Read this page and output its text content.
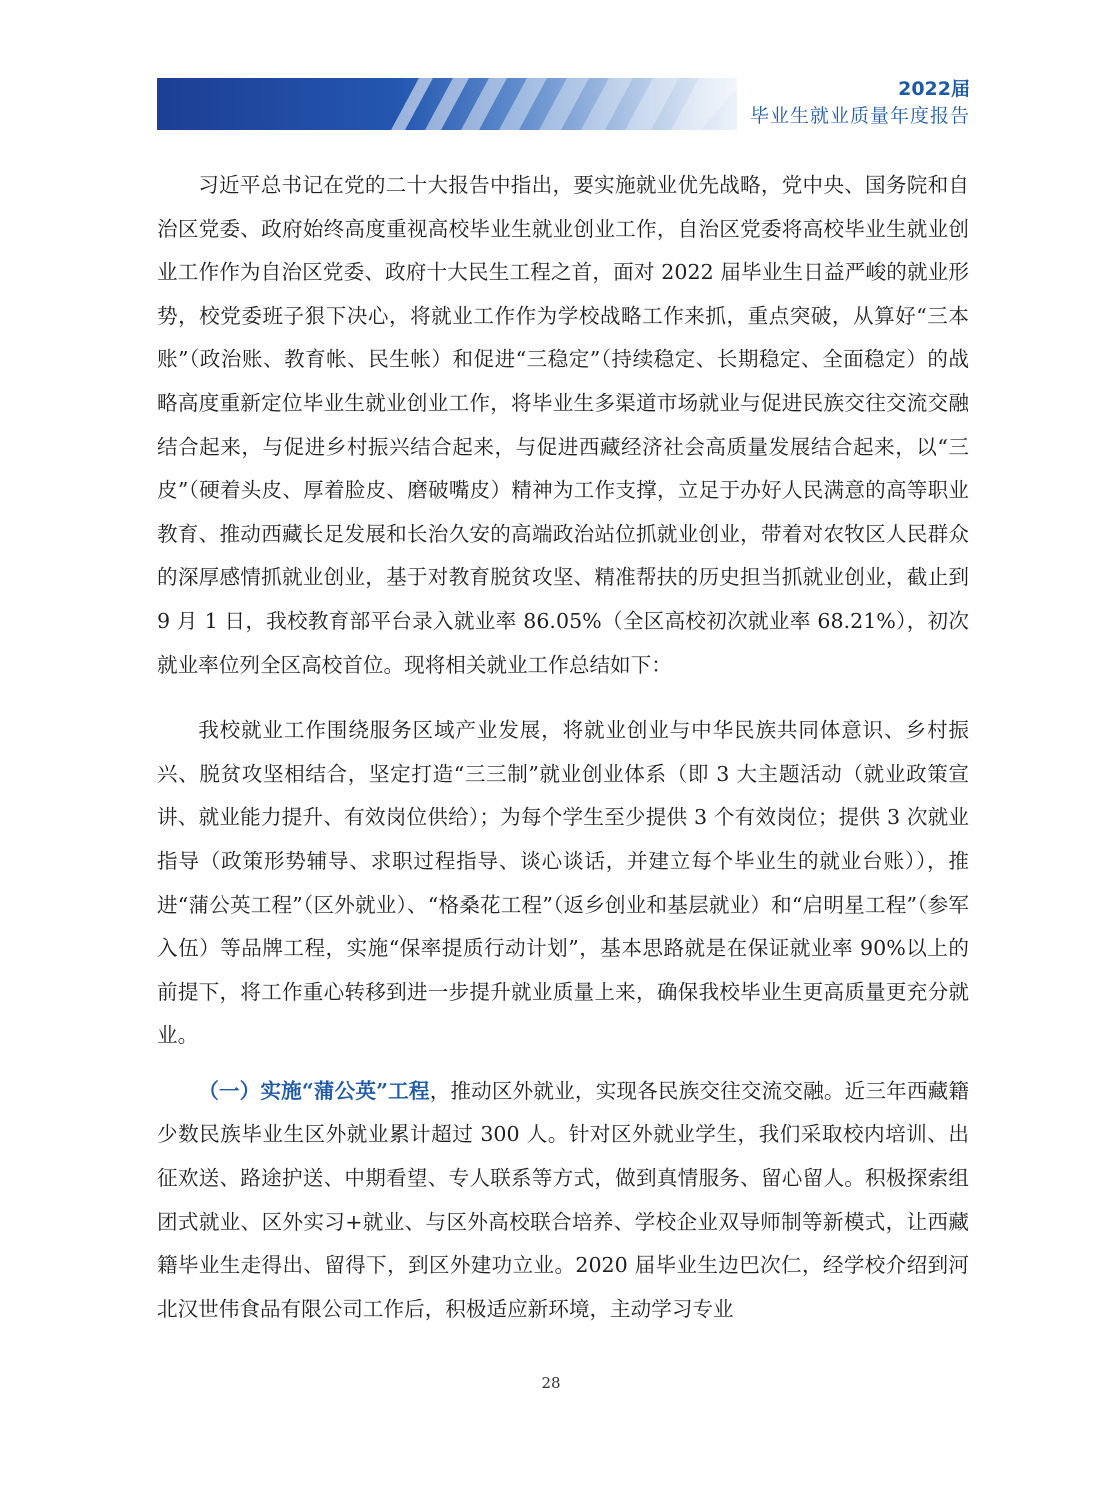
2022届
毕业生就业质量年度报告

习近平总书记在党的二十大报告中指出，要实施就业优先战略，党中央、国务院和自治区党委、政府始终高度重视高校毕业生就业创业工作，自治区党委将高校毕业生就业创业工作作为自治区党委、政府十大民生工程之首，面对 2022 届毕业生日益严峻的就业形势，校党委班子狠下决心，将就业工作作为学校战略工作来抓，重点突破，从算好“三本账”（政治账、教育帐、民生帐）和促进“三稳定”（持续稳定、长期稳定、全面稳定）的战略高度重新定位毕业生就业创业工作，将毕业生多渠道市场就业与促进民族交往交流交融结合起来，与促进乡村振兴结合起来，与促进西藏经济社会高质量发展结合起来，以“三皮”（硬着头皮、厚着脸皮、磨破嘴皮）精神为工作支撑，立足于办好人民满意的高等职业教育、推动西藏长足发展和长治久安的高端政治站位抓就业创业，带着对农牧区人民群众的深厚感情抓就业创业，基于对教育脱贫攻坚、精准帮扶的历史担当抓就业创业，截止到 9 月 1 日，我校教育部平台录入就业率 86.05%（全区高校初次就业率 68.21%），初次就业率位列全区高校首位。现将相关就业工作总结如下：

我校就业工作围绕服务区域产业发展，将就业创业与中华民族共同体意识、乡村振兴、脱贫攻坚相结合，坚定打造“三三制”就业创业体系（即 3 大主题活动（就业政策宣讲、就业能力提升、有效岗位供给）；为每个学生至少提供 3 个有效岗位；提供 3 次就业指导（政策形势辅导、求职过程指导、谈心谈话，并建立每个毕业生的就业台账）），推进“蒲公英工程”（区外就业）、“格桑花工程”（返乡创业和基层就业）和“启明星工程”（参军入伍）等品牌工程，实施“保率提质行动计划”，基本思路就是在保证就业率 90%以上的前提下，将工作重心转移到进一步提升就业质量上来，确保我校毕业生更高质量更充分就业。

（一）实施“蒲公英”工程，推动区外就业，实现各民族交往交流交融。近三年西藏籍少数民族毕业生区外就业累计超过 300 人。针对区外就业学生，我们采取校内培训、出征欢送、路途护送、中期看望、专人联系等方式，做到真情服务、留心留人。积极探索组团式就业、区外实习+就业、与区外高校联合培养、学校企业双导师制等新模式，让西藏籍毕业生走得出、留得下，到区外建功立业。2020 届毕业生边巴次仁，经学校介绍到河北汉世伟食品有限公司工作后，积极适应新环境，主动学习专业

28
